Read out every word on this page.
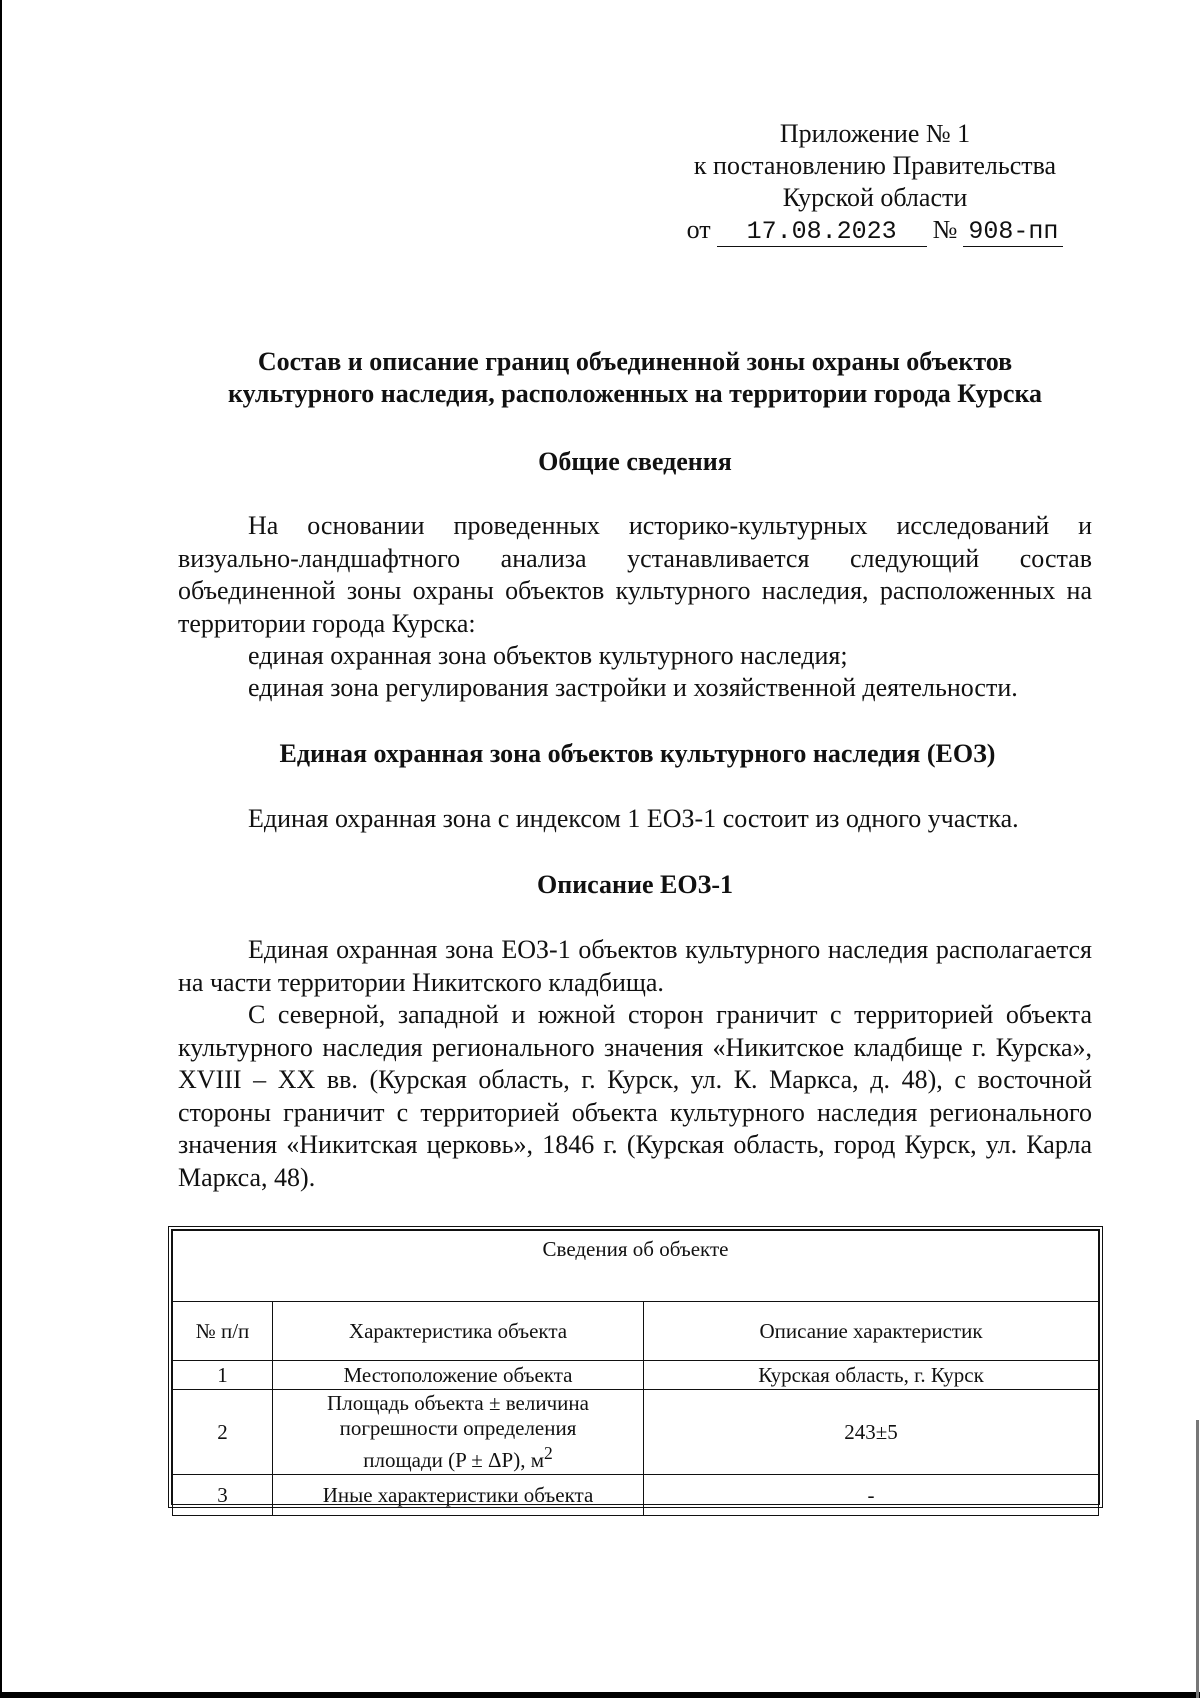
Приложение № 1
к постановлению Правительства
Курской области
от	17.08.2023	№ 908-пп
Состав и описание границ объединенной зоны охраны объектов
культурного наследия, расположенных на территории города Курска
Общие сведения
На основании проведенных историко-культурных исследований и визуально-ландшафтного анализа устанавливается следующий состав объединенной зоны охраны объектов культурного наследия, расположенных на территории города Курска:
единая охранная зона объектов культурного наследия;
единая зона регулирования застройки и хозяйственной деятельности.
Единая охранная зона объектов культурного наследия (ЕОЗ)
Единая охранная зона с индексом 1 ЕОЗ-1 состоит из одного участка.
Описание ЕОЗ-1
Единая охранная зона ЕОЗ-1 объектов культурного наследия располагается на части территории Никитского кладбища.
С северной, западной и южной сторон граничит с территорией объекта культурного наследия регионального значения «Никитское кладбище г. Курска», XVIII – XX вв. (Курская область, г. Курск, ул. К. Маркса, д. 48), с восточной стороны граничит с территорией объекта культурного наследия регионального значения «Никитская церковь», 1846 г. (Курская область, город Курск, ул. Карла Маркса, 48).
Сведения об объекте		
№ п/п	Характеристика объекта	Описание характеристик
1	Местоположение объекта	Курская область, г. Курск
2	Площадь объекта ± величина
погрешности определения
площади (P ± ΔP), $м^2$	243±5
3	Иные характеристики объекта	-
